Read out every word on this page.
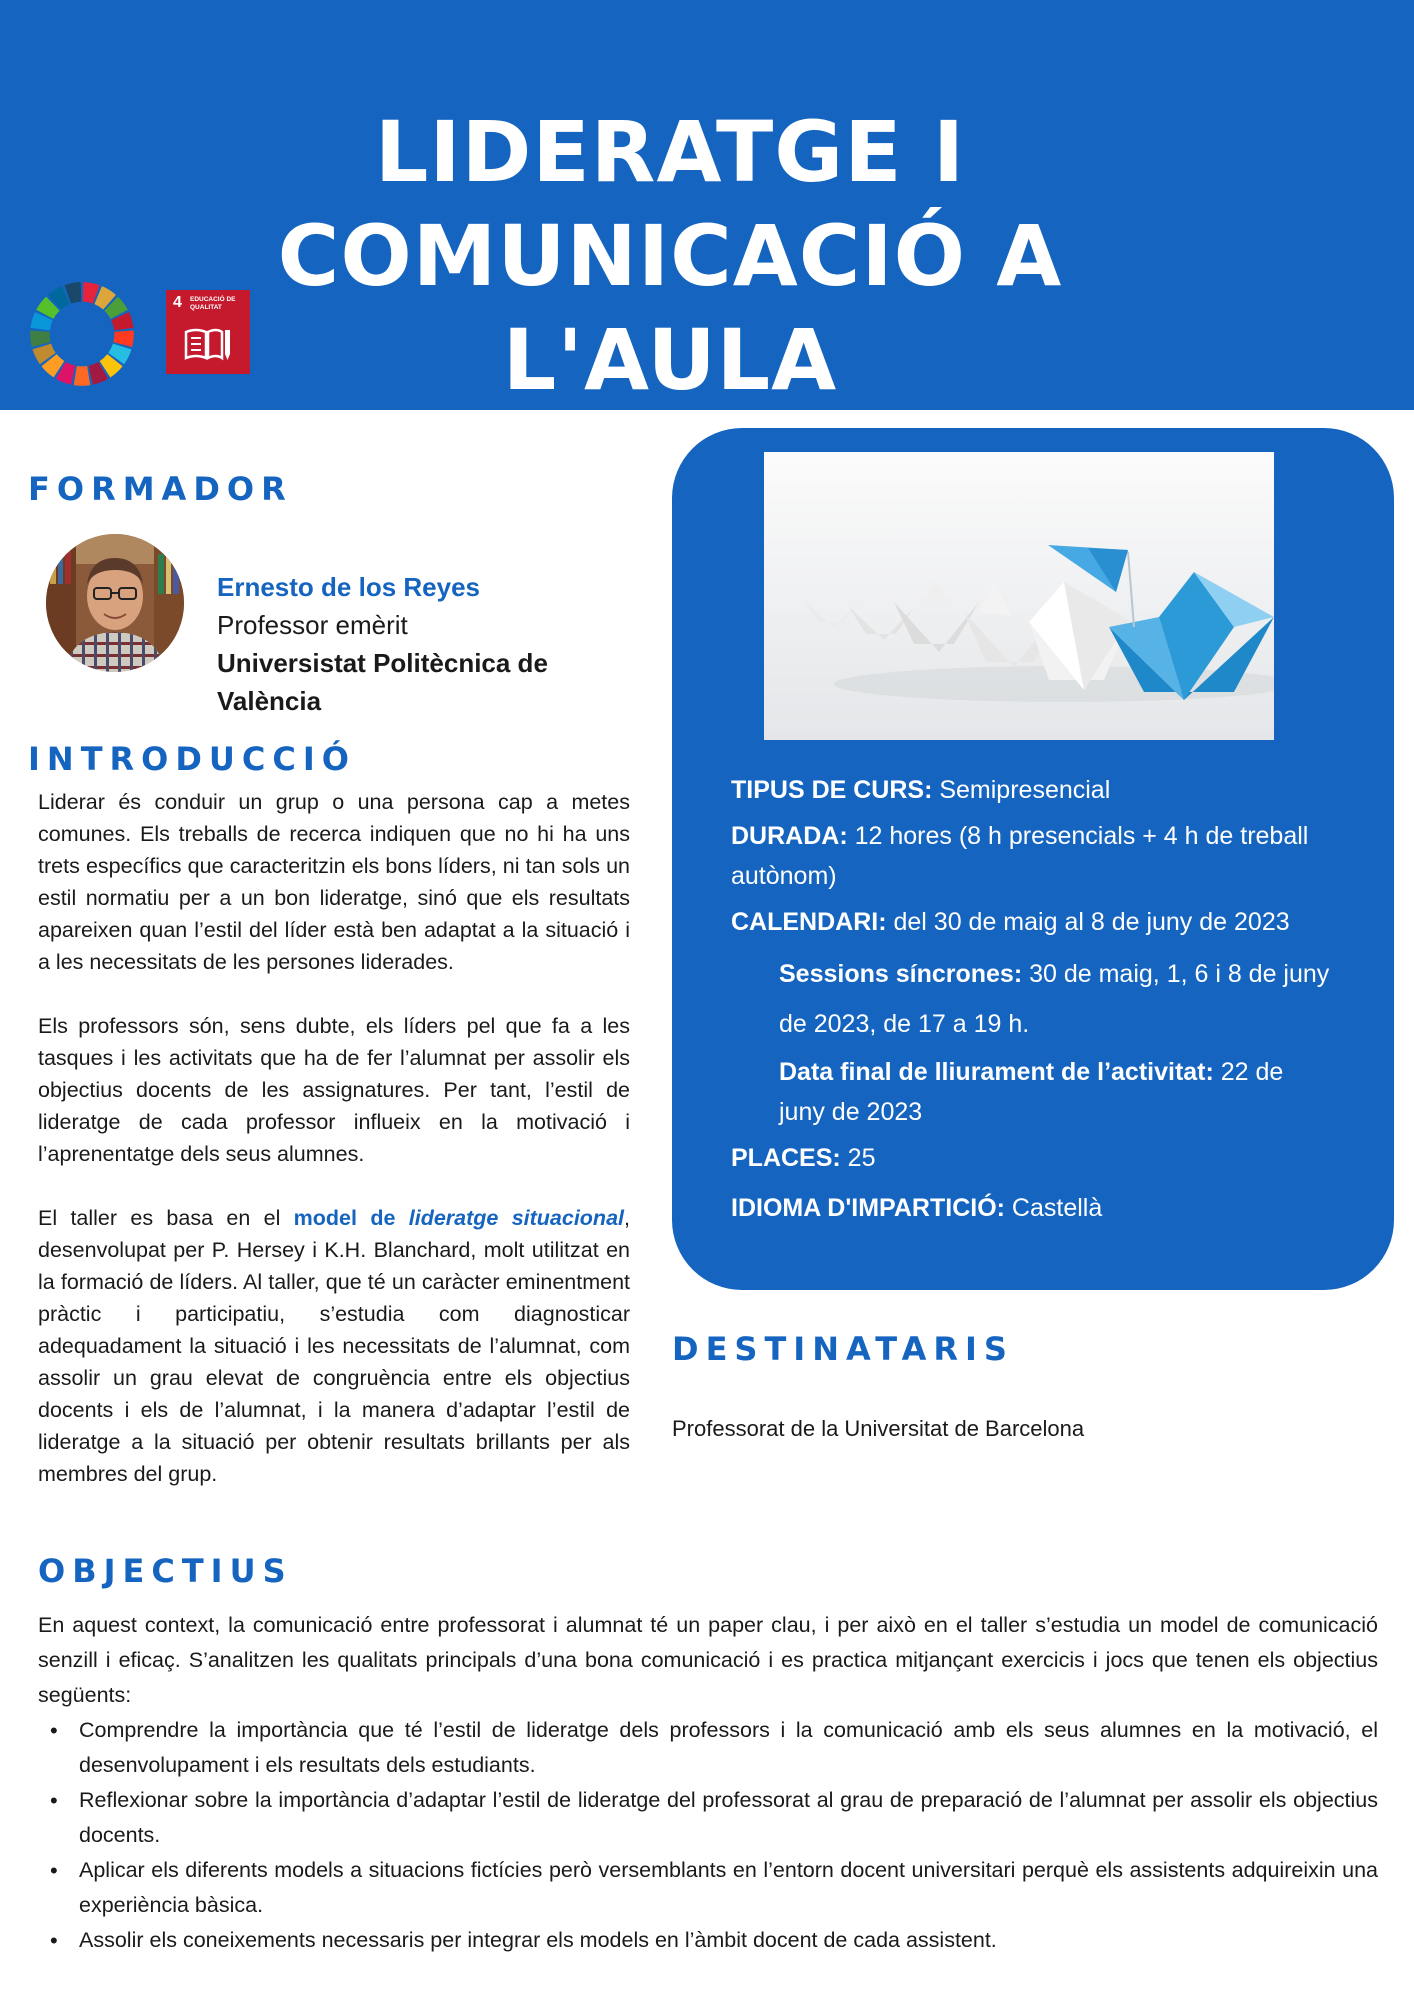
LIDERATGE I COMUNICACIÓ A
L'AULA
4 EDUCACIÓ DE QUALITAT
FORMADOR
Ernesto de los Reyes
Professor emèrit
Universistat Politècnica de
València
INTRODUCCIÓ

Liderar és conduir un grup o una persona cap a metes comunes. Els treballs de recerca indiquen que no hi ha uns trets específics que caracteritzin els bons líders, ni tan sols un estil normatiu per a un bon lideratge, sinó que els resultats apareixen quan l’estil del líder està ben adaptat a la situació i a les necessitats de les persones liderades.

Els professors són, sens dubte, els líders pel que fa a les tasques i les activitats que ha de fer l’alumnat per assolir els objectius docents de les assignatures. Per tant, l’estil de lideratge de cada professor influeix en la motivació i l’aprenentatge dels seus alumnes.

El taller es basa en el model de lideratge situacional, desenvolupat per P. Hersey i K.H. Blanchard, molt utilitzat en la formació de líders. Al taller, que té un caràcter eminentment pràctic i participatiu, s’estudia com diagnosticar adequadament la situació i les necessitats de l’alumnat, com assolir un grau elevat de congruència entre els objectius docents i els de l’alumnat, i la manera d’adaptar l’estil de lideratge a la situació per obtenir resultats brillants per als membres del grup.

TIPUS DE CURS: Semipresencial
DURADA: 12 hores (8 h presencials + 4 h de treball
autònom)
CALENDARI: del 30 de maig al 8 de juny de 2023
Sessions síncrones: 30 de maig, 1, 6 i 8 de juny
de 2023, de 17 a 19 h.
Data final de lliurament de l’activitat: 22 de
juny de 2023
PLACES: 25
IDIOMA D'IMPARTICIÓ: Castellà
DESTINATARIS
Professorat de la Universitat de Barcelona
OBJECTIUS

En aquest context, la comunicació entre professorat i alumnat té un paper clau, i per això en el taller s’estudia un model de comunicació senzill i eficaç. S’analitzen les qualitats principals d’una bona comunicació i es practica mitjançant exercicis i jocs que tenen els objectius següents:

• Comprendre la importància que té l’estil de lideratge dels professors i la comunicació amb els seus alumnes en la motivació, el desenvolupament i els resultats dels estudiants.
• Reflexionar sobre la importància d’adaptar l’estil de lideratge del professorat al grau de preparació de l’alumnat per assolir els objectius docents.
• Aplicar els diferents models a situacions fictícies però versemblants en l’entorn docent universitari perquè els assistents adquireixin una experiència bàsica.
• Assolir els coneixements necessaris per integrar els models en l’àmbit docent de cada assistent.
